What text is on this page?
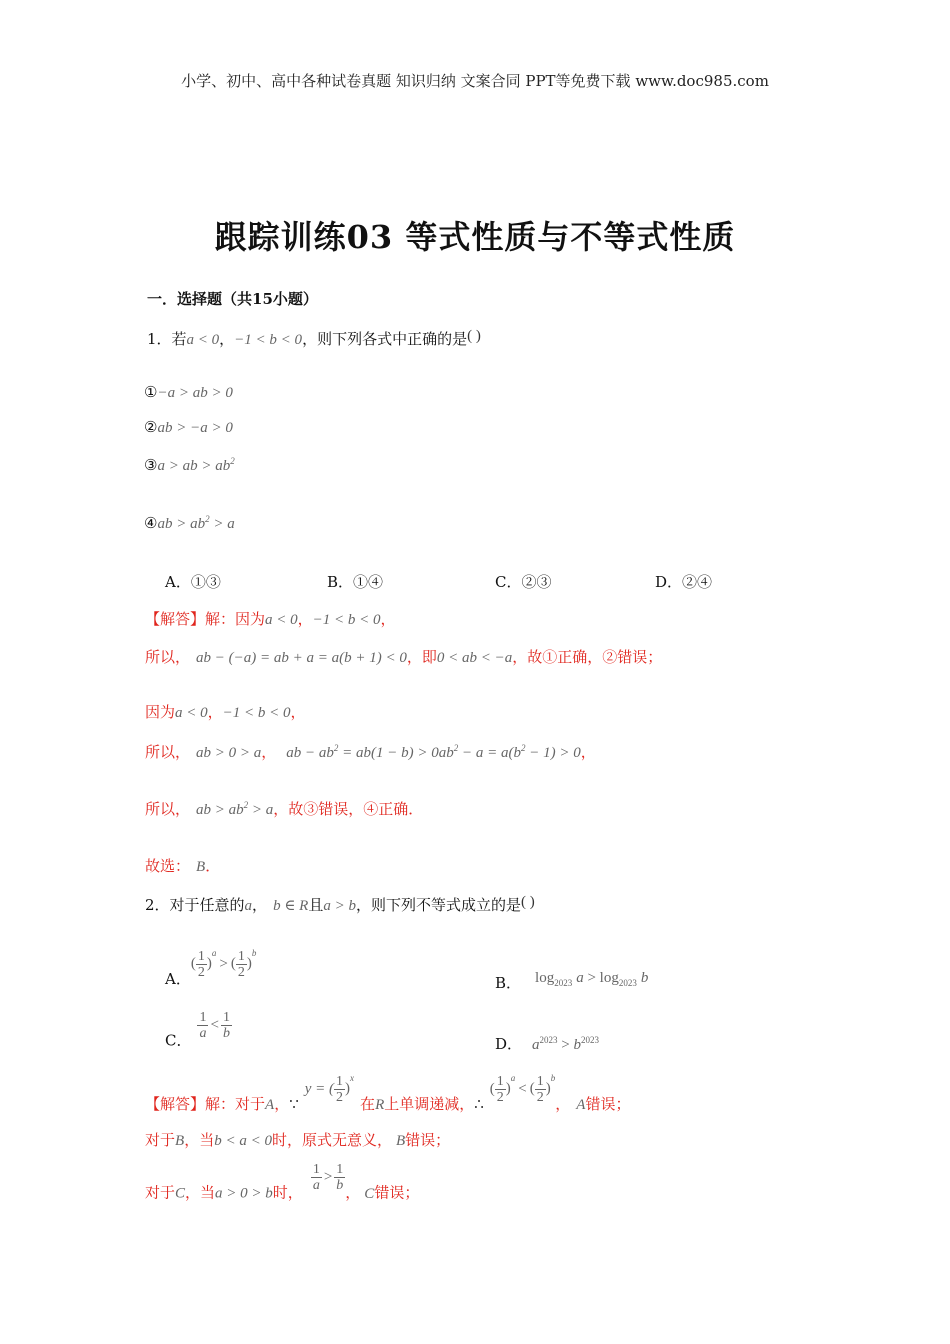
小学、初中、高中各种试卷真题 知识归纳 文案合同 PPT等免费下载 www.doc985.com
跟踪训练03 等式性质与不等式性质
一．选择题（共15小题）
1．若a < 0，−1 < b < 0，则下列各式中正确的是( )
①−a > ab > 0
②ab > −a > 0
③a > ab > $ab^2$
④ab > $ab^2 > a$
A．①③	B．①④	C．②③	D．②④
【解答】解：因为a < 0，−1 < b < 0，
所以， ab − (−a) = ab + a = a(b + 1) < 0，即0 < ab < −a，故①正确，②错误；
因为a < 0，−1 < b < 0，
所以， ab > 0 > a， ab − $ab^2 = ab(1 - b) > 0ab^2 - a = a(b^2 - 1) > 0$，
所以， ab > $ab^2 > a$，故③错误，④正确．
故选： B．
2．对于任意的a， b ∈ R且a > b，则下列不等式成立的是( )
A．( $\frac{1}{2} )^a>$ ( $\frac{1}{2} )^b$
B． $\log_{2023} a > \log_{2023} b$
C． $\frac{1}{a} < \frac{1}{b}$
D． $a^{2023} > b^{2023}$
【解答】解：对于A，∵y = ( $\frac{1}{2} )^x$在R上单调递减，∴( $\frac{1}{2} )^a<$ ( $\frac{1}{2} )^b$， A错误；
对于B，当b < a < 0时，原式无意义， B错误；
对于C，当a > 0 > b时， $\frac{1}{a} > \frac{1}{b}$ ， C错误；
